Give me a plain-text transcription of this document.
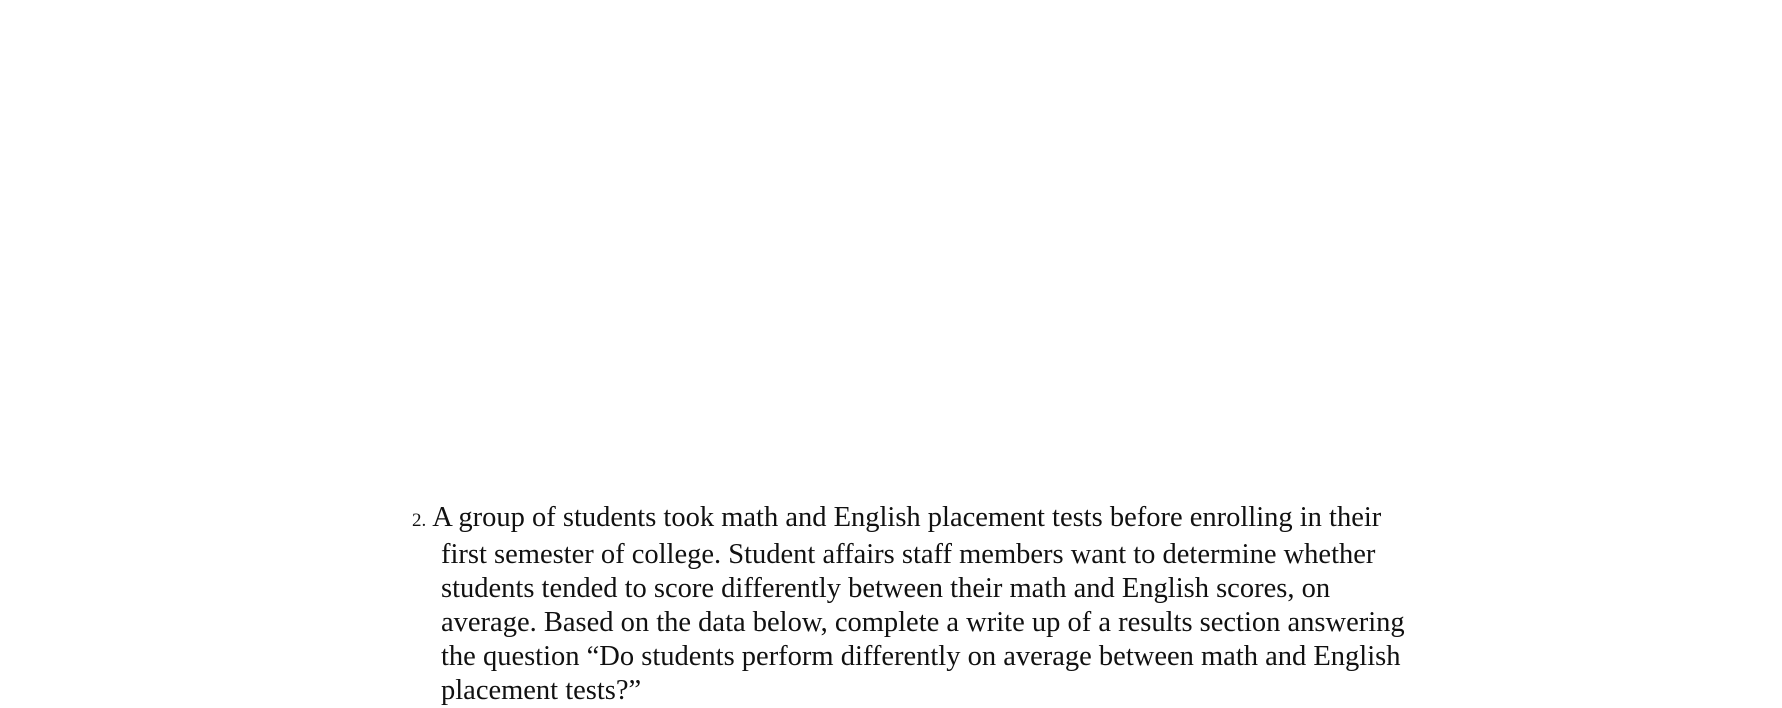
2. A group of students took math and English placement tests before enrolling in their
first semester of college. Student affairs staff members want to determine whether
students tended to score differently between their math and English scores, on
average. Based on the data below, complete a write up of a results section answering
the question “Do students perform differently on average between math and English
placement tests?”
